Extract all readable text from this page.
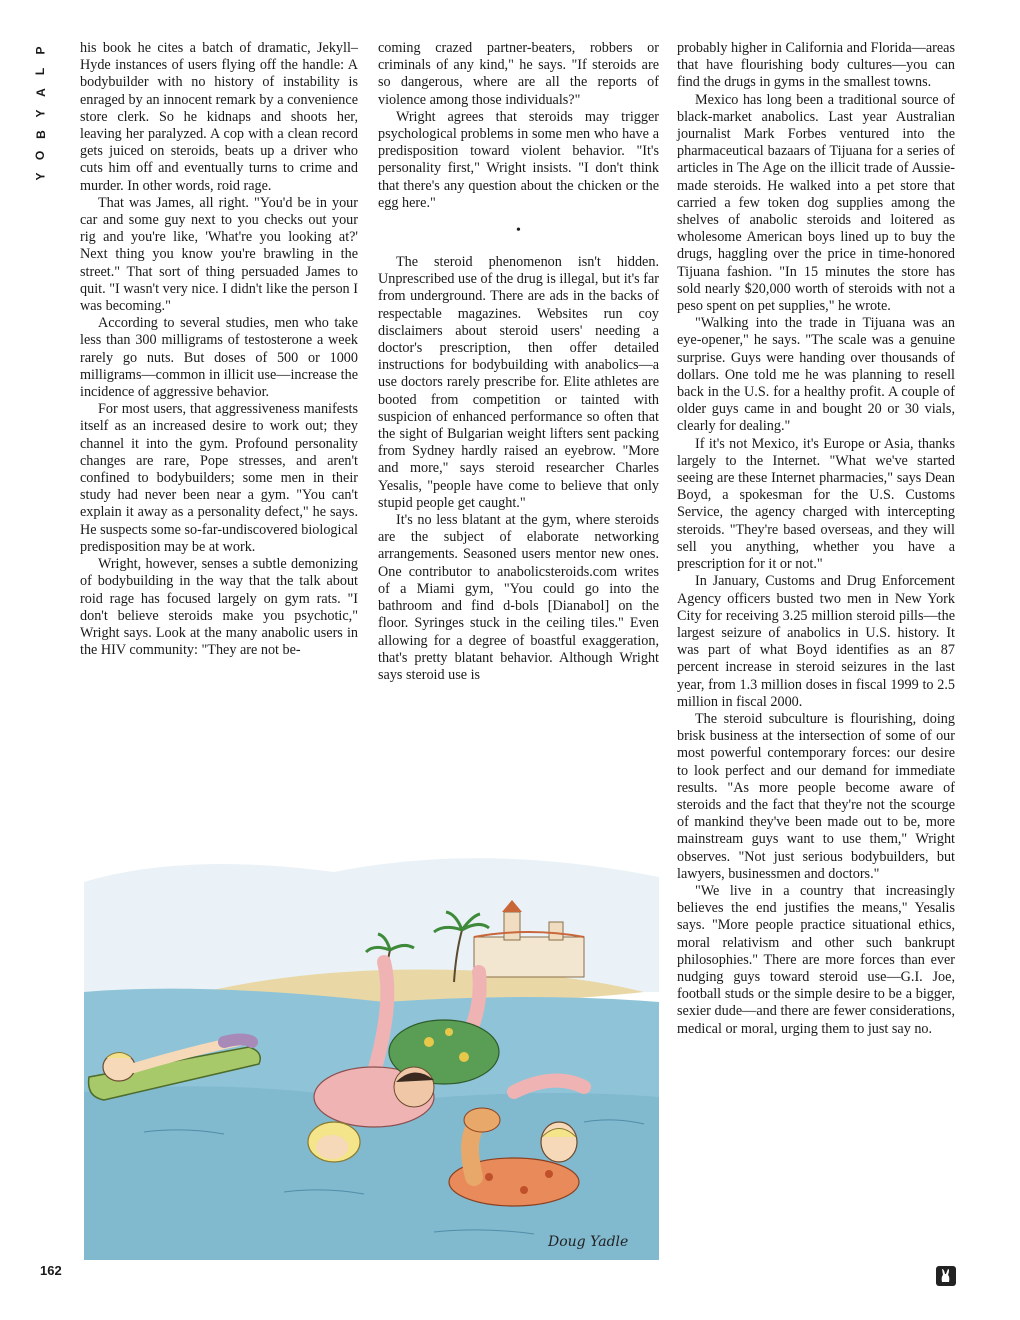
P
L
A
Y
B
O
Y

his book he cites a batch of dramatic, Jekyll–Hyde instances of users flying off the handle: A bodybuilder with no history of instability is enraged by an innocent remark by a convenience store clerk. So he kidnaps and shoots her, leaving her paralyzed. A cop with a clean record gets juiced on steroids, beats up a driver who cuts him off and eventually turns to crime and murder. In other words, roid rage.

That was James, all right. "You'd be in your car and some guy next to you checks out your rig and you're like, 'What're you looking at?' Next thing you know you're brawling in the street." That sort of thing persuaded James to quit. "I wasn't very nice. I didn't like the person I was becoming."

According to several studies, men who take less than 300 milligrams of testosterone a week rarely go nuts. But doses of 500 or 1000 milligrams—common in illicit use—increase the incidence of aggressive behavior.

For most users, that aggressiveness manifests itself as an increased desire to work out; they channel it into the gym. Profound personality changes are rare, Pope stresses, and aren't confined to bodybuilders; some men in their study had never been near a gym. "You can't explain it away as a personality defect," he says. He suspects some so-far-undiscovered biological predisposition may be at work.

Wright, however, senses a subtle demonizing of bodybuilding in the way that the talk about roid rage has focused largely on gym rats. "I don't believe steroids make you psychotic," Wright says. Look at the many anabolic users in the HIV community: "They are not be-

coming crazed partner-beaters, robbers or criminals of any kind," he says. "If steroids are so dangerous, where are all the reports of violence among those individuals?"

Wright agrees that steroids may trigger psychological problems in some men who have a predisposition toward violent behavior. "It's personality first," Wright insists. "I don't think that there's any question about the chicken or the egg here."

•

The steroid phenomenon isn't hidden. Unprescribed use of the drug is illegal, but it's far from underground. There are ads in the backs of respectable magazines. Websites run coy disclaimers about steroid users' needing a doctor's prescription, then offer detailed instructions for bodybuilding with anabolics—a use doctors rarely prescribe for. Elite athletes are booted from competition or tainted with suspicion of enhanced performance so often that the sight of Bulgarian weight lifters sent packing from Sydney hardly raised an eyebrow. "More and more," says steroid researcher Charles Yesalis, "people have come to believe that only stupid people get caught."

It's no less blatant at the gym, where steroids are the subject of elaborate networking arrangements. Seasoned users mentor new ones. One contributor to anabolicsteroids.com writes of a Miami gym, "You could go into the bathroom and find d-bols [Dianabol] on the floor. Syringes stuck in the ceiling tiles." Even allowing for a degree of boastful exaggeration, that's pretty blatant behavior. Although Wright says steroid use is

probably higher in California and Florida—areas that have flourishing body cultures—you can find the drugs in gyms in the smallest towns.

Mexico has long been a traditional source of black-market anabolics. Last year Australian journalist Mark Forbes ventured into the pharmaceutical bazaars of Tijuana for a series of articles in The Age on the illicit trade of Aussie-made steroids. He walked into a pet store that carried a few token dog supplies among the shelves of anabolic steroids and loitered as wholesome American boys lined up to buy the drugs, haggling over the price in time-honored Tijuana fashion. "In 15 minutes the store has sold nearly $20,000 worth of steroids with not a peso spent on pet supplies," he wrote.

"Walking into the trade in Tijuana was an eye-opener," he says. "The scale was a genuine surprise. Guys were handing over thousands of dollars. One told me he was planning to resell back in the U.S. for a healthy profit. A couple of older guys came in and bought 20 or 30 vials, clearly for dealing."

If it's not Mexico, it's Europe or Asia, thanks largely to the Internet. "What we've started seeing are these Internet pharmacies," says Dean Boyd, a spokesman for the U.S. Customs Service, the agency charged with intercepting steroids. "They're based overseas, and they will sell you anything, whether you have a prescription for it or not."

In January, Customs and Drug Enforcement Agency officers busted two men in New York City for receiving 3.25 million steroid pills—the largest seizure of anabolics in U.S. history. It was part of what Boyd identifies as an 87 percent increase in steroid seizures in the last year, from 1.3 million doses in fiscal 1999 to 2.5 million in fiscal 2000.

The steroid subculture is flourishing, doing brisk business at the intersection of some of our most powerful contemporary forces: our desire to look perfect and our demand for immediate results. "As more people become aware of steroids and the fact that they're not the scourge of mankind they've been made out to be, more mainstream guys want to use them," Wright observes. "Not just serious bodybuilders, but lawyers, businessmen and doctors."

"We live in a country that increasingly believes the end justifies the means," Yesalis says. "More people practice situational ethics, moral relativism and other such bankrupt philosophies." There are more forces than ever nudging guys toward steroid use—G.I. Joe, football studs or the simple desire to be a bigger, sexier dude—and there are fewer considerations, medical or moral, urging them to just say no.

Doug Yadle
162
